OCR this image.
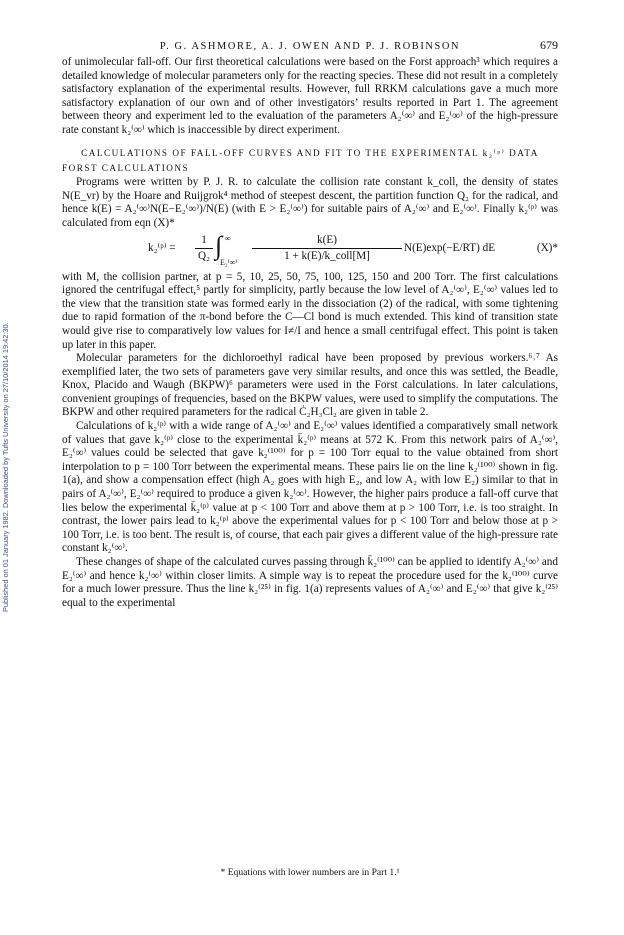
Published on 01 January 1982. Downloaded by Tufts University on 27/10/2014 19:42:30.
P. G. ASHMORE, A. J. OWEN AND P. J. ROBINSON	679

of unimolecular fall-off. Our first theoretical calculations were based on the Forst approach³ which requires a detailed knowledge of molecular parameters only for the reacting species. These did not result in a completely satisfactory explanation of the experimental results. However, full RRKM calculations gave a much more satisfactory explanation of our own and of other investigators’ results reported in Part 1. The agreement between theory and experiment led to the evaluation of the parameters A₂⁽∞⁾ and E₂⁽∞⁾ of the high-pressure rate constant k₂⁽∞⁾ which is inaccessible by direct experiment.

CALCULATIONS OF FALL-OFF CURVES AND FIT TO THE EXPERIMENTAL k₂⁽ᵖ⁾ DATA
FORST CALCULATIONS

Programs were written by P. J. R. to calculate the collision rate constant k_coll, the density of states N(E_vr) by the Hoare and Ruijgrok⁴ method of steepest descent, the partition function Q₂ for the radical, and hence k(E) = A₂⁽∞⁾N(E−E₂⁽∞⁾)/N(E) (with E > E₂⁽∞⁾) for suitable pairs of A₂⁽∞⁾ and E₂⁽∞⁾. Finally k₂⁽ᵖ⁾ was calculated from eqn (X)*

k₂⁽ᵖ⁾ = $\frac{1}{\text{Q₂}}$ ∫ ∞
E₂⁽∞⁾
k(E)
1 + k(E)/k_coll[M]
N(E)exp(−E/RT) dE	(X)*

with M, the collision partner, at p = 5, 10, 25, 50, 75, 100, 125, 150 and 200 Torr. The first calculations ignored the centrifugal effect,⁵ partly for simplicity, partly because the low level of A₂⁽∞⁾, E₂⁽∞⁾ values led to the view that the transition state was formed early in the dissociation (2) of the radical, with some tightening due to rapid formation of the π-bond before the C—Cl bond is much extended. This kind of transition state would give rise to comparatively low values for I≠/I and hence a small centrifugal effect. This point is taken up later in this paper.

Molecular parameters for the dichloroethyl radical have been proposed by previous workers.⁶˒⁷ As exemplified later, the two sets of parameters gave very similar results, and once this was settled, the Beadle, Knox, Placido and Waugh (BKPW)⁶ parameters were used in the Forst calculations. In later calculations, convenient groupings of frequencies, based on the BKPW values, were used to simplify the computations. The BKPW and other required parameters for the radical Ċ₂H₃Cl₂ are given in table 2.

Calculations of k₂⁽ᵖ⁾ with a wide range of A₂⁽∞⁾ and E₂⁽∞⁾ values identified a comparatively small network of values that gave k₂⁽ᵖ⁾ close to the experimental k̄₂⁽ᵖ⁾ means at 572 K. From this network pairs of A₂⁽∞⁾, E₂⁽∞⁾ values could be selected that gave k₂⁽¹⁰⁰⁾ for p = 100 Torr equal to the value obtained from short interpolation to p = 100 Torr between the experimental means. These pairs lie on the line k₂⁽¹⁰⁰⁾ shown in fig. 1(a), and show a compensation effect (high A₂ goes with high E₂, and low A₂ with low E₂) similar to that in pairs of A₂⁽∞⁾, E₂⁽∞⁾ required to produce a given k₂⁽∞⁾. However, the higher pairs produce a fall-off curve that lies below the experimental k̄₂⁽ᵖ⁾ value at p < 100 Torr and above them at p > 100 Torr, i.e. is too straight. In contrast, the lower pairs lead to k₂⁽ᵖ⁾ above the experimental values for p < 100 Torr and below those at p > 100 Torr, i.e. is too bent. The result is, of course, that each pair gives a different value of the high-pressure rate constant k₂⁽∞⁾.

These changes of shape of the calculated curves passing through k̄₂⁽¹⁰⁰⁾ can be applied to identify A₂⁽∞⁾ and E₂⁽∞⁾ and hence k₂⁽∞⁾ within closer limits. A simple way is to repeat the procedure used for the k₂⁽¹⁰⁰⁾ curve for a much lower pressure. Thus the line k₂⁽²⁵⁾ in fig. 1(a) represents values of A₂⁽∞⁾ and E₂⁽∞⁾ that give k₂⁽²⁵⁾ equal to the experimental

* Equations with lower numbers are in Part 1.¹
